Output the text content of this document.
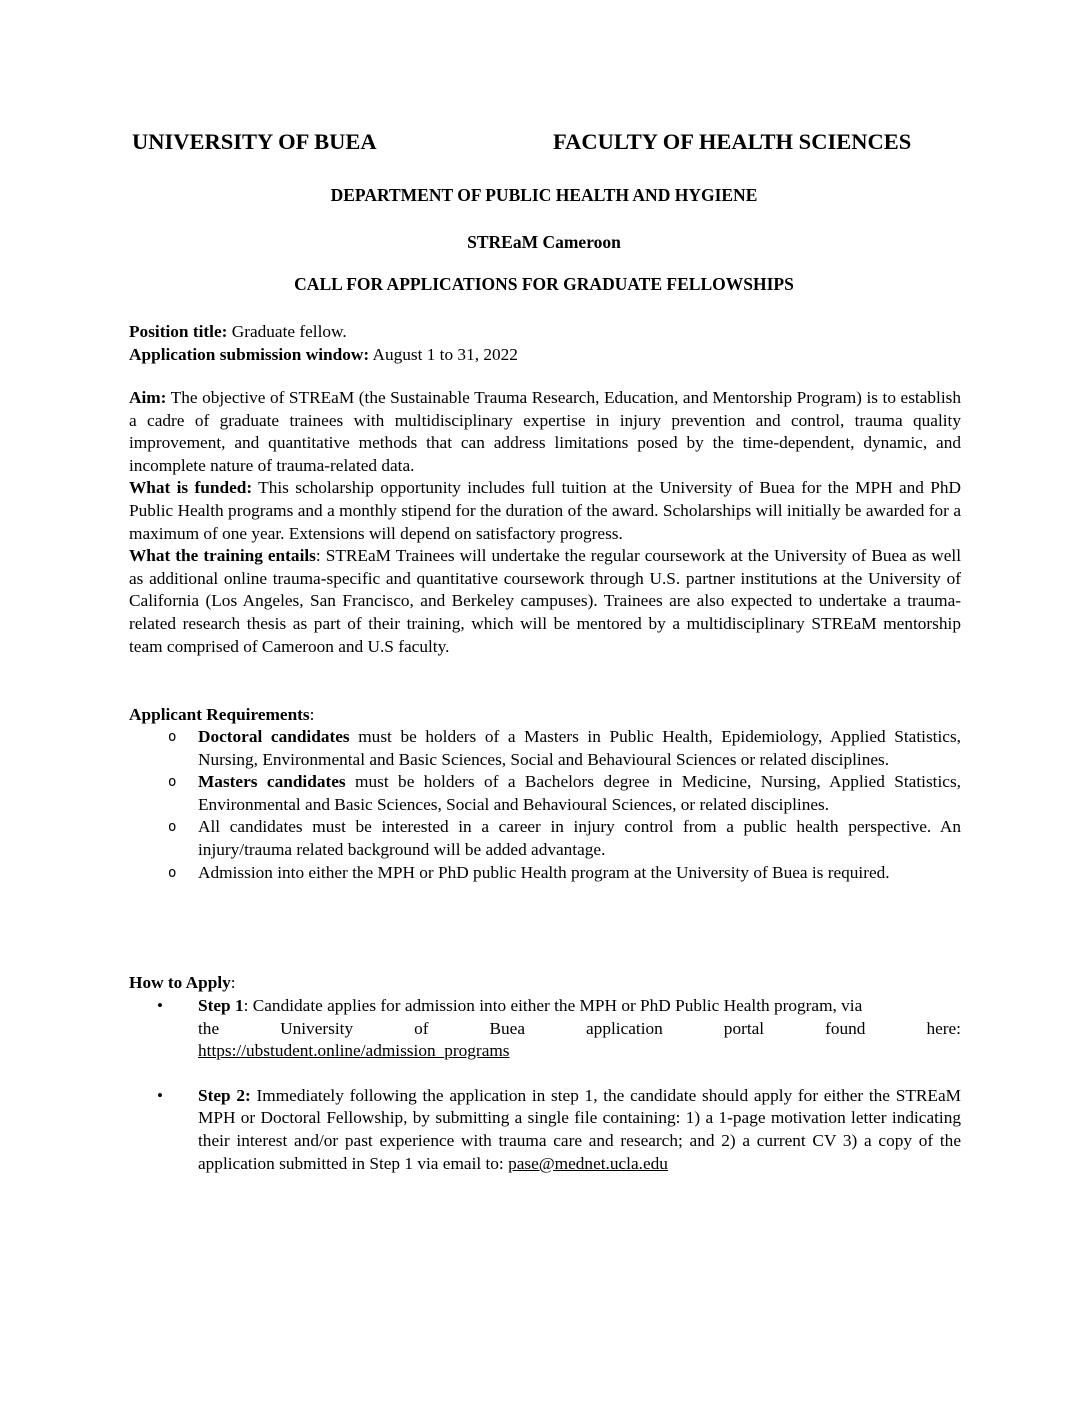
UNIVERSITY OF BUEA	FACULTY OF HEALTH SCIENCES
DEPARTMENT OF PUBLIC HEALTH AND HYGIENE
STREaM Cameroon
CALL FOR APPLICATIONS FOR GRADUATE FELLOWSHIPS
Position title: Graduate fellow.
Application submission window: August 1 to 31, 2022
Aim: The objective of STREaM (the Sustainable Trauma Research, Education, and Mentorship Program) is to establish a cadre of graduate trainees with multidisciplinary expertise in injury prevention and control, trauma quality improvement, and quantitative methods that can address limitations posed by the time-dependent, dynamic, and incomplete nature of trauma-related data.
What is funded: This scholarship opportunity includes full tuition at the University of Buea for the MPH and PhD Public Health programs and a monthly stipend for the duration of the award. Scholarships will initially be awarded for a maximum of one year. Extensions will depend on satisfactory progress.
What the training entails: STREaM Trainees will undertake the regular coursework at the University of Buea as well as additional online trauma-specific and quantitative coursework through U.S. partner institutions at the University of California (Los Angeles, San Francisco, and Berkeley campuses). Trainees are also expected to undertake a trauma-related research thesis as part of their training, which will be mentored by a multidisciplinary STREaM mentorship team comprised of Cameroon and U.S faculty.
Applicant Requirements:
o	Doctoral candidates must be holders of a Masters in Public Health, Epidemiology, Applied Statistics, Nursing, Environmental and Basic Sciences, Social and Behavioural Sciences or related disciplines.
o	Masters candidates must be holders of a Bachelors degree in Medicine, Nursing, Applied Statistics, Environmental and Basic Sciences, Social and Behavioural Sciences, or related disciplines.
o	All candidates must be interested in a career in injury control from a public health perspective. An injury/trauma related background will be added advantage.
o	Admission into either the MPH or PhD public Health program at the University of Buea is required.
How to Apply:
• Step 1: Candidate applies for admission into either the MPH or PhD Public Health program, via
the	University	of	Buea	application	portal	found	here:
https://ubstudent.online/admission_programs
• Step 2: Immediately following the application in step 1, the candidate should apply for either the STREaM MPH or Doctoral Fellowship, by submitting a single file containing: 1) a 1-page motivation letter indicating their interest and/or past experience with trauma care and research; and 2) a current CV 3) a copy of the application submitted in Step 1 via email to: pase@mednet.ucla.edu
